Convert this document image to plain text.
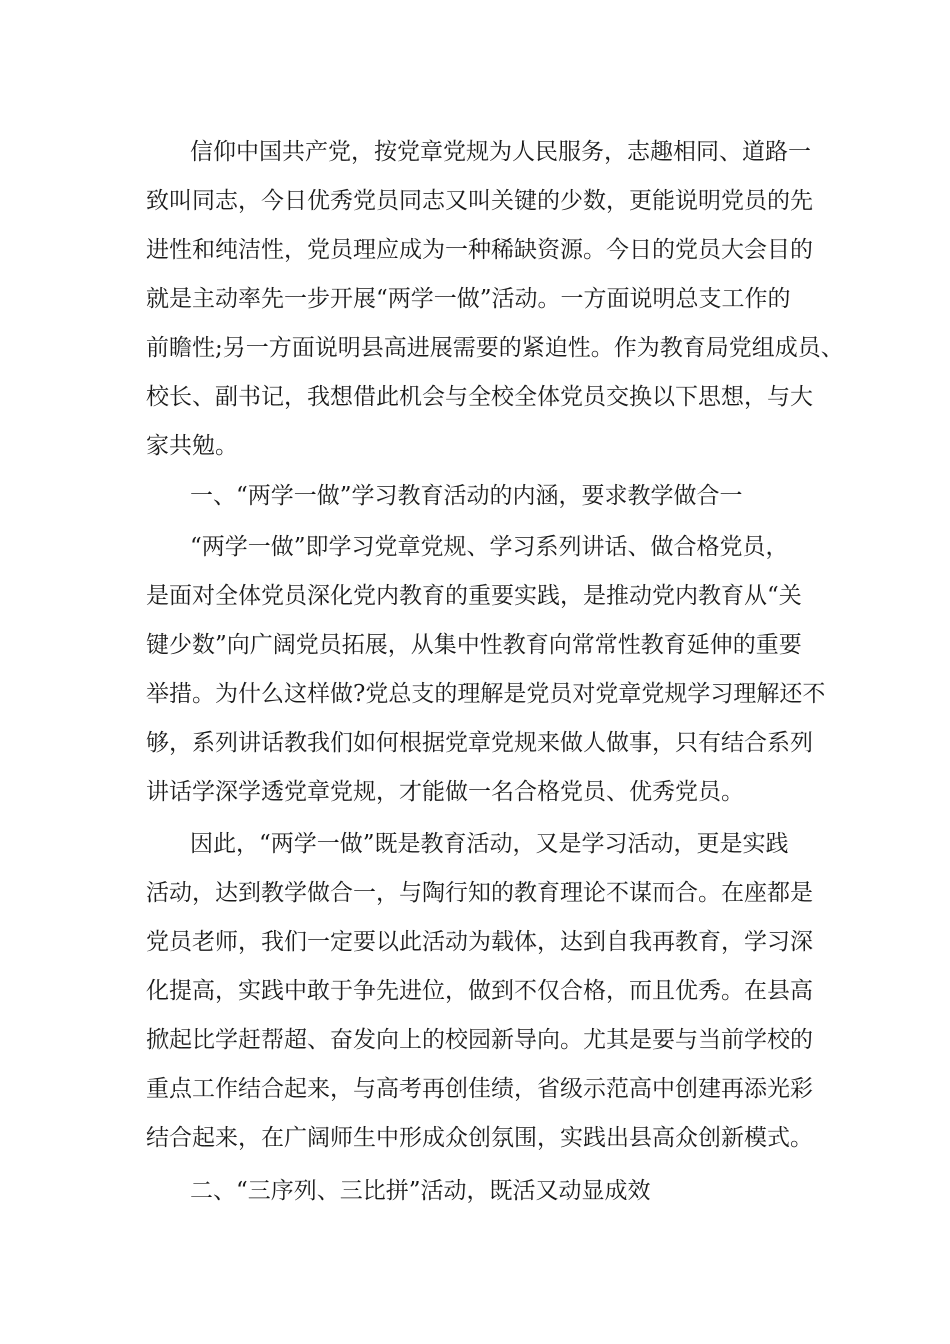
信仰中国共产党，按党章党规为人民服务，志趣相同、道路一
致叫同志，今日优秀党员同志又叫关键的少数，更能说明党员的先
进性和纯洁性，党员理应成为一种稀缺资源。今日的党员大会目的
就是主动率先一步开展“两学一做”活动。一方面说明总支工作的
前瞻性;另一方面说明县高进展需要的紧迫性。作为教育局党组成员、
校长、副书记，我想借此机会与全校全体党员交换以下思想，与大
家共勉。
一、“两学一做”学习教育活动的内涵，要求教学做合一
“两学一做”即学习党章党规、学习系列讲话、做合格党员，
是面对全体党员深化党内教育的重要实践，是推动党内教育从“关
键少数”向广阔党员拓展，从集中性教育向常常性教育延伸的重要
举措。为什么这样做?党总支的理解是党员对党章党规学习理解还不
够，系列讲话教我们如何根据党章党规来做人做事，只有结合系列
讲话学深学透党章党规，才能做一名合格党员、优秀党员。
因此，“两学一做”既是教育活动，又是学习活动，更是实践
活动，达到教学做合一，与陶行知的教育理论不谋而合。在座都是
党员老师，我们一定要以此活动为载体，达到自我再教育，学习深
化提高，实践中敢于争先进位，做到不仅合格，而且优秀。在县高
掀起比学赶帮超、奋发向上的校园新导向。尤其是要与当前学校的
重点工作结合起来，与高考再创佳绩，省级示范高中创建再添光彩
结合起来，在广阔师生中形成众创氛围，实践出县高众创新模式。
二、“三序列、三比拼”活动，既活又动显成效
